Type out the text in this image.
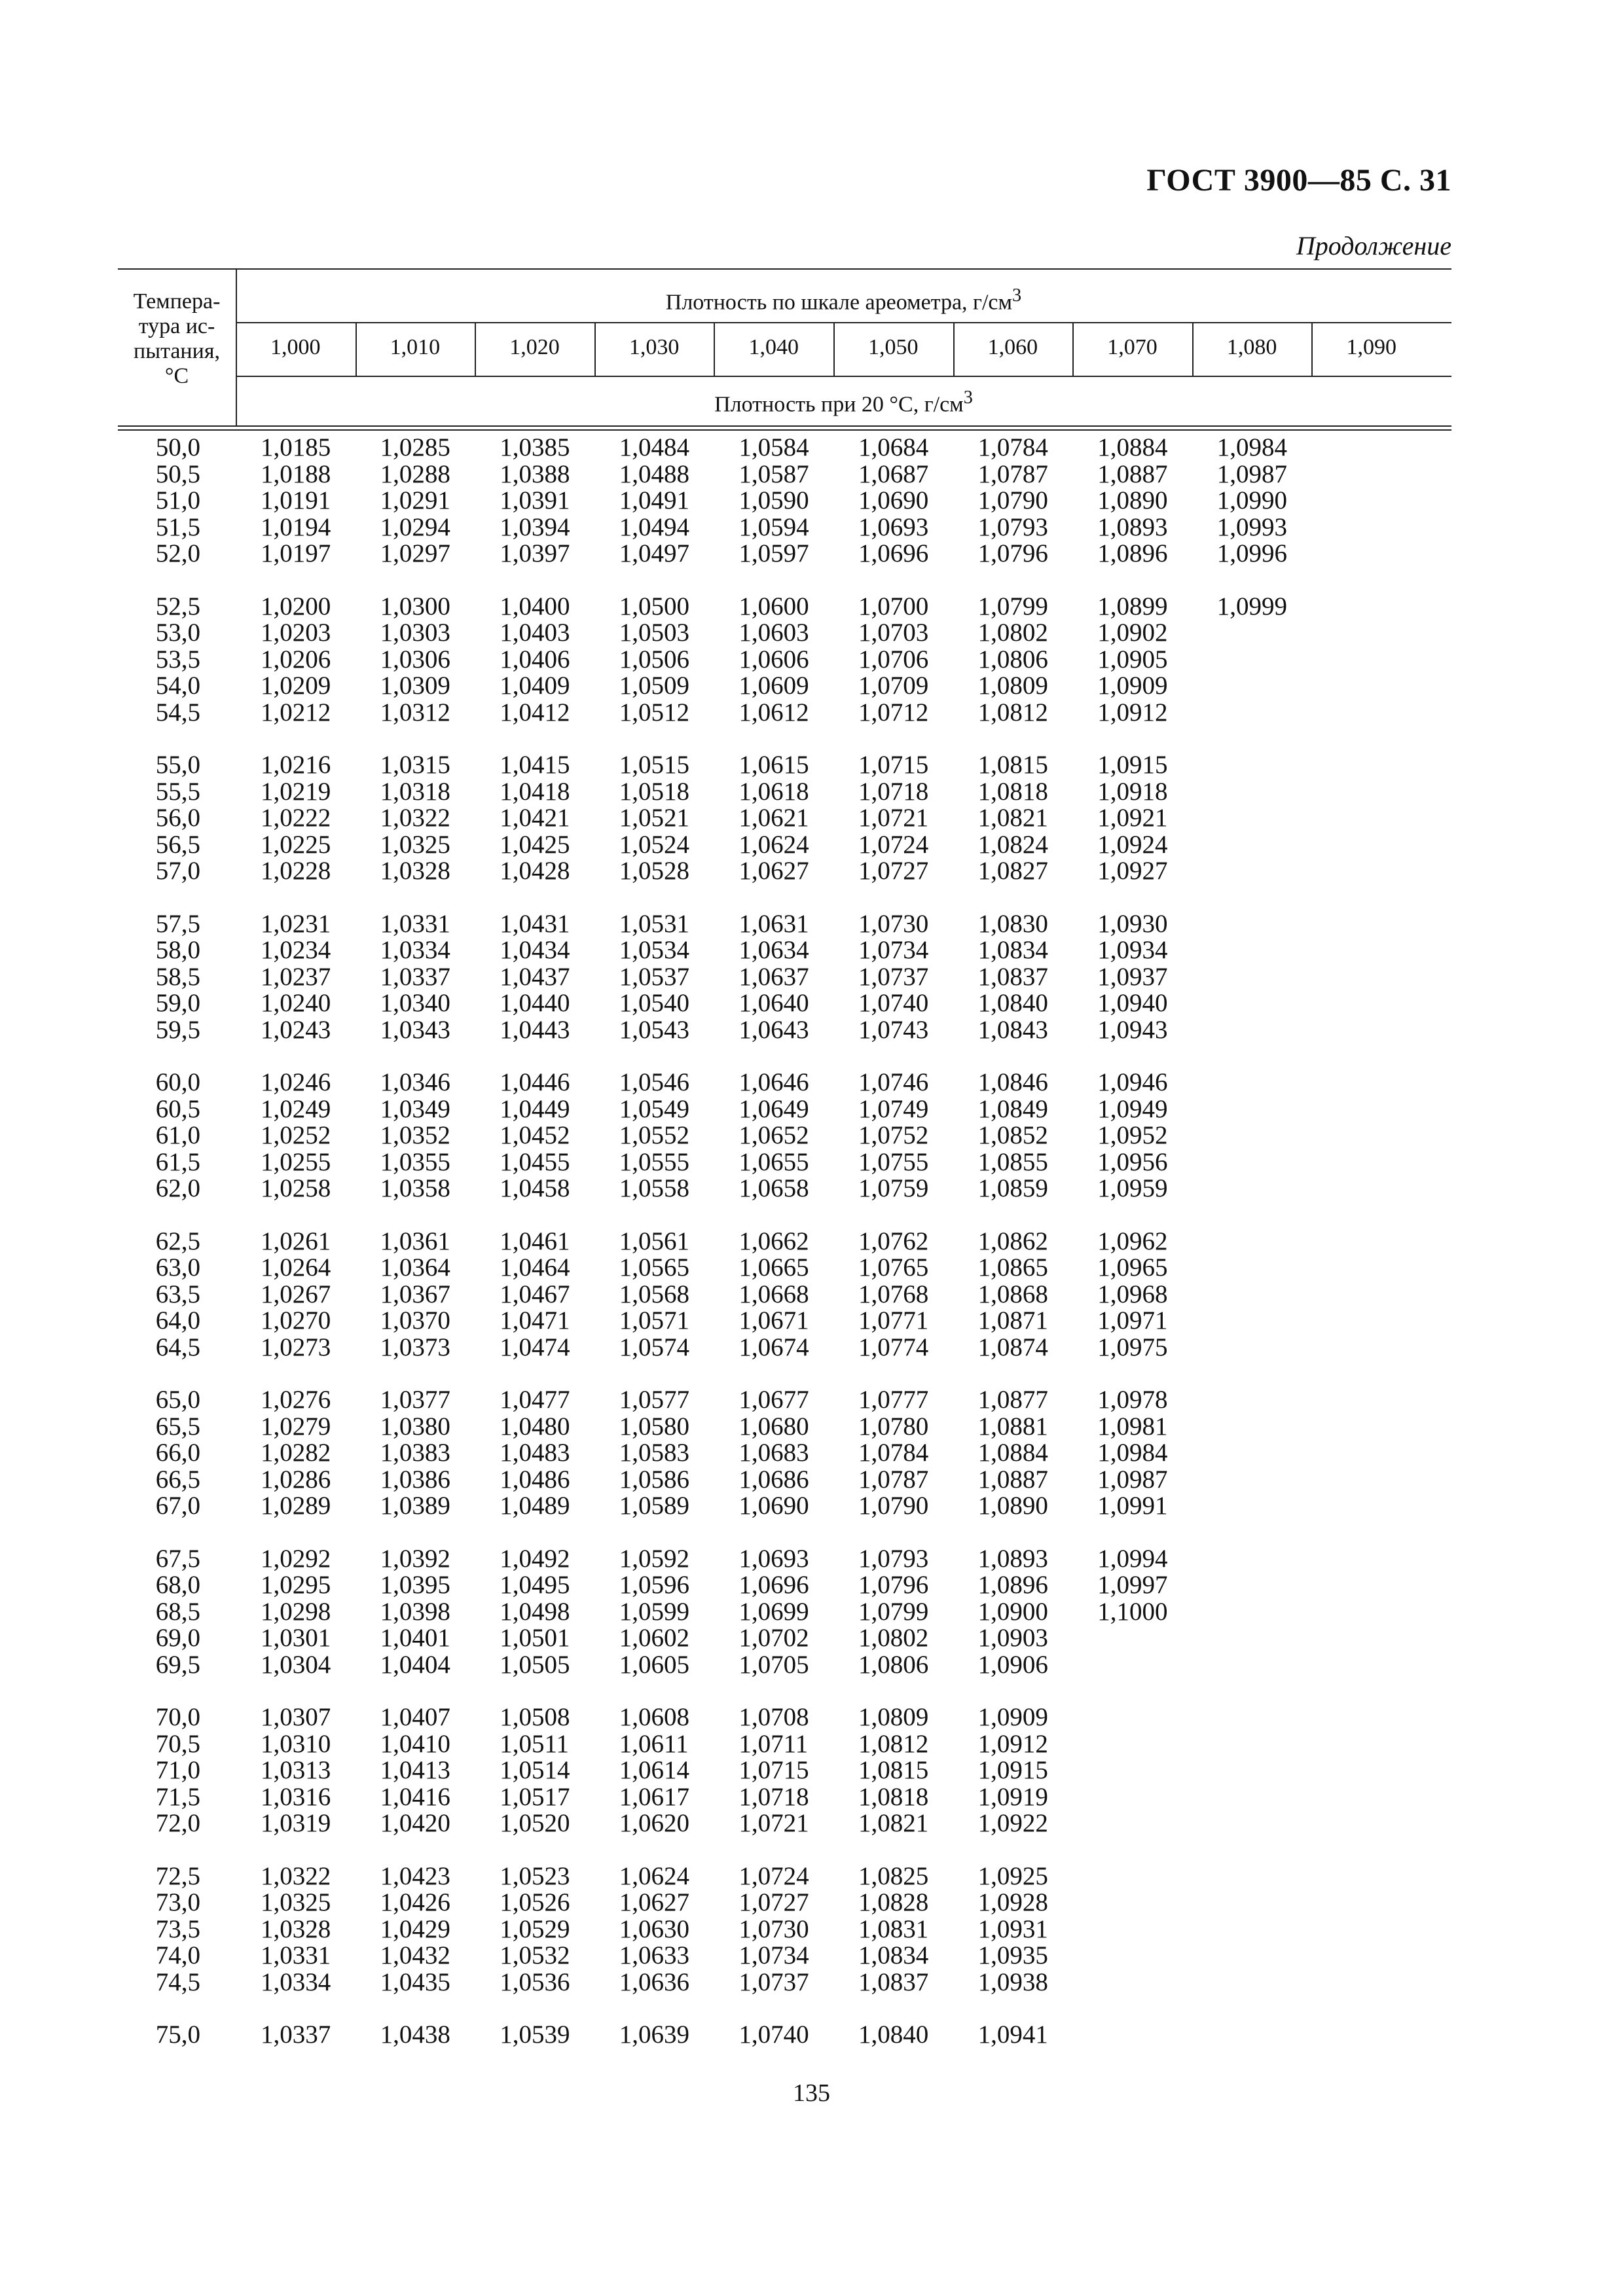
ГОСТ 3900—85 С. 31
Продолжение
Темпера-
тура ис-
пытания,
°С
Плотность по шкале ареометра, $г/см^3$
1,000	1,010	1,020	1,030	1,040	1,050	1,060	1,070	1,080	1,090
Плотность при 20 °С, $г/см^3$
50,0 1,0185 1,0285 1,0385 1,0484 1,0584 1,0684 1,0784 1,0884 1,0984
50,5 1,0188 1,0288 1,0388 1,0488 1,0587 1,0687 1,0787 1,0887 1,0987
51,0 1,0191 1,0291 1,0391 1,0491 1,0590 1,0690 1,0790 1,0890 1,0990
51,5 1,0194 1,0294 1,0394 1,0494 1,0594 1,0693 1,0793 1,0893 1,0993
52,0 1,0197 1,0297 1,0397 1,0497 1,0597 1,0696 1,0796 1,0896 1,0996
52,5 1,0200 1,0300 1,0400 1,0500 1,0600 1,0700 1,0799 1,0899 1,0999
53,0 1,0203 1,0303 1,0403 1,0503 1,0603 1,0703 1,0802 1,0902
53,5 1,0206 1,0306 1,0406 1,0506 1,0606 1,0706 1,0806 1,0905
54,0 1,0209 1,0309 1,0409 1,0509 1,0609 1,0709 1,0809 1,0909
54,5 1,0212 1,0312 1,0412 1,0512 1,0612 1,0712 1,0812 1,0912
55,0 1,0216 1,0315 1,0415 1,0515 1,0615 1,0715 1,0815 1,0915
55,5 1,0219 1,0318 1,0418 1,0518 1,0618 1,0718 1,0818 1,0918
56,0 1,0222 1,0322 1,0421 1,0521 1,0621 1,0721 1,0821 1,0921
56,5 1,0225 1,0325 1,0425 1,0524 1,0624 1,0724 1,0824 1,0924
57,0 1,0228 1,0328 1,0428 1,0528 1,0627 1,0727 1,0827 1,0927
57,5 1,0231 1,0331 1,0431 1,0531 1,0631 1,0730 1,0830 1,0930
58,0 1,0234 1,0334 1,0434 1,0534 1,0634 1,0734 1,0834 1,0934
58,5 1,0237 1,0337 1,0437 1,0537 1,0637 1,0737 1,0837 1,0937
59,0 1,0240 1,0340 1,0440 1,0540 1,0640 1,0740 1,0840 1,0940
59,5 1,0243 1,0343 1,0443 1,0543 1,0643 1,0743 1,0843 1,0943
60,0 1,0246 1,0346 1,0446 1,0546 1,0646 1,0746 1,0846 1,0946
60,5 1,0249 1,0349 1,0449 1,0549 1,0649 1,0749 1,0849 1,0949
61,0 1,0252 1,0352 1,0452 1,0552 1,0652 1,0752 1,0852 1,0952
61,5 1,0255 1,0355 1,0455 1,0555 1,0655 1,0755 1,0855 1,0956
62,0 1,0258 1,0358 1,0458 1,0558 1,0658 1,0759 1,0859 1,0959
62,5 1,0261 1,0361 1,0461 1,0561 1,0662 1,0762 1,0862 1,0962
63,0 1,0264 1,0364 1,0464 1,0565 1,0665 1,0765 1,0865 1,0965
63,5 1,0267 1,0367 1,0467 1,0568 1,0668 1,0768 1,0868 1,0968
64,0 1,0270 1,0370 1,0471 1,0571 1,0671 1,0771 1,0871 1,0971
64,5 1,0273 1,0373 1,0474 1,0574 1,0674 1,0774 1,0874 1,0975
65,0 1,0276 1,0377 1,0477 1,0577 1,0677 1,0777 1,0877 1,0978
65,5 1,0279 1,0380 1,0480 1,0580 1,0680 1,0780 1,0881 1,0981
66,0 1,0282 1,0383 1,0483 1,0583 1,0683 1,0784 1,0884 1,0984
66,5 1,0286 1,0386 1,0486 1,0586 1,0686 1,0787 1,0887 1,0987
67,0 1,0289 1,0389 1,0489 1,0589 1,0690 1,0790 1,0890 1,0991
67,5 1,0292 1,0392 1,0492 1,0592 1,0693 1,0793 1,0893 1,0994
68,0 1,0295 1,0395 1,0495 1,0596 1,0696 1,0796 1,0896 1,0997
68,5 1,0298 1,0398 1,0498 1,0599 1,0699 1,0799 1,0900 1,1000
69,0 1,0301 1,0401 1,0501 1,0602 1,0702 1,0802 1,0903
69,5 1,0304 1,0404 1,0505 1,0605 1,0705 1,0806 1,0906
70,0 1,0307 1,0407 1,0508 1,0608 1,0708 1,0809 1,0909
70,5 1,0310 1,0410 1,0511 1,0611 1,0711 1,0812 1,0912
71,0 1,0313 1,0413 1,0514 1,0614 1,0715 1,0815 1,0915
71,5 1,0316 1,0416 1,0517 1,0617 1,0718 1,0818 1,0919
72,0 1,0319 1,0420 1,0520 1,0620 1,0721 1,0821 1,0922
72,5 1,0322 1,0423 1,0523 1,0624 1,0724 1,0825 1,0925
73,0 1,0325 1,0426 1,0526 1,0627 1,0727 1,0828 1,0928
73,5 1,0328 1,0429 1,0529 1,0630 1,0730 1,0831 1,0931
74,0 1,0331 1,0432 1,0532 1,0633 1,0734 1,0834 1,0935
74,5 1,0334 1,0435 1,0536 1,0636 1,0737 1,0837 1,0938
75,0 1,0337 1,0438 1,0539 1,0639 1,0740 1,0840 1,0941
135
